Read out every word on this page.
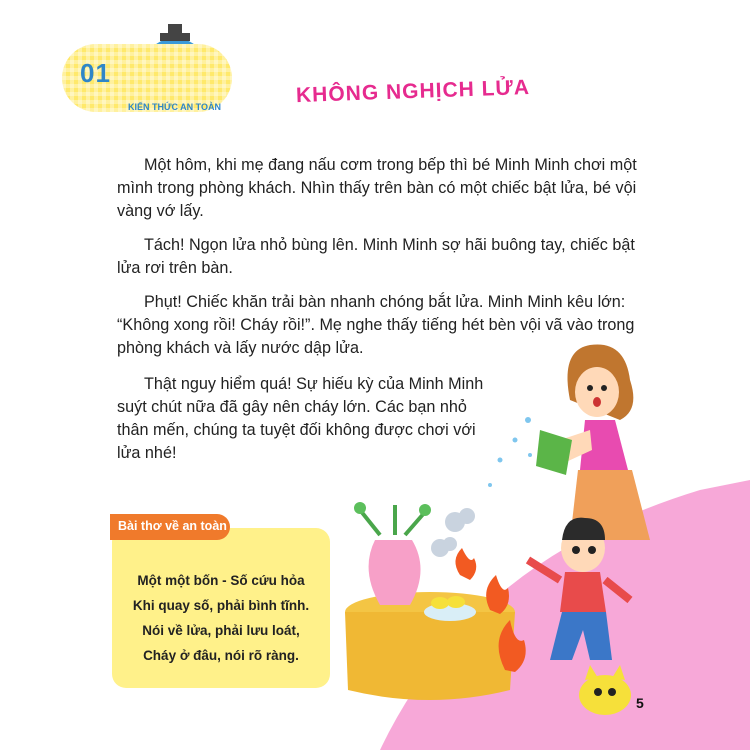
01
KIẾN THỨC AN TOÀN	KHÔNG NGHỊCH LỬA

Một hôm, khi mẹ đang nấu cơm trong bếp thì bé Minh Minh chơi một mình trong phòng khách. Nhìn thấy trên bàn có một chiếc bật lửa, bé vội vàng vớ lấy.

Tách! Ngọn lửa nhỏ bùng lên. Minh Minh sợ hãi buông tay, chiếc bật lửa rơi trên bàn.

Phụt! Chiếc khăn trải bàn nhanh chóng bắt lửa. Minh Minh kêu lớn: “Không xong rồi! Cháy rồi!”. Mẹ nghe thấy tiếng hét bèn vội vã vào trong phòng khách và lấy nước dập lửa.

Thật nguy hiểm quá! Sự hiếu kỳ của Minh Minh suýt chút nữa đã gây nên cháy lớn. Các bạn nhỏ thân mến, chúng ta tuyệt đối không được chơi với lửa nhé!

Bài thơ về an toàn
Một một bốn - Số cứu hỏa
Khi quay số, phải bình tĩnh.
Nói về lửa, phải lưu loát,
Cháy ở đâu, nói rõ ràng.
5
